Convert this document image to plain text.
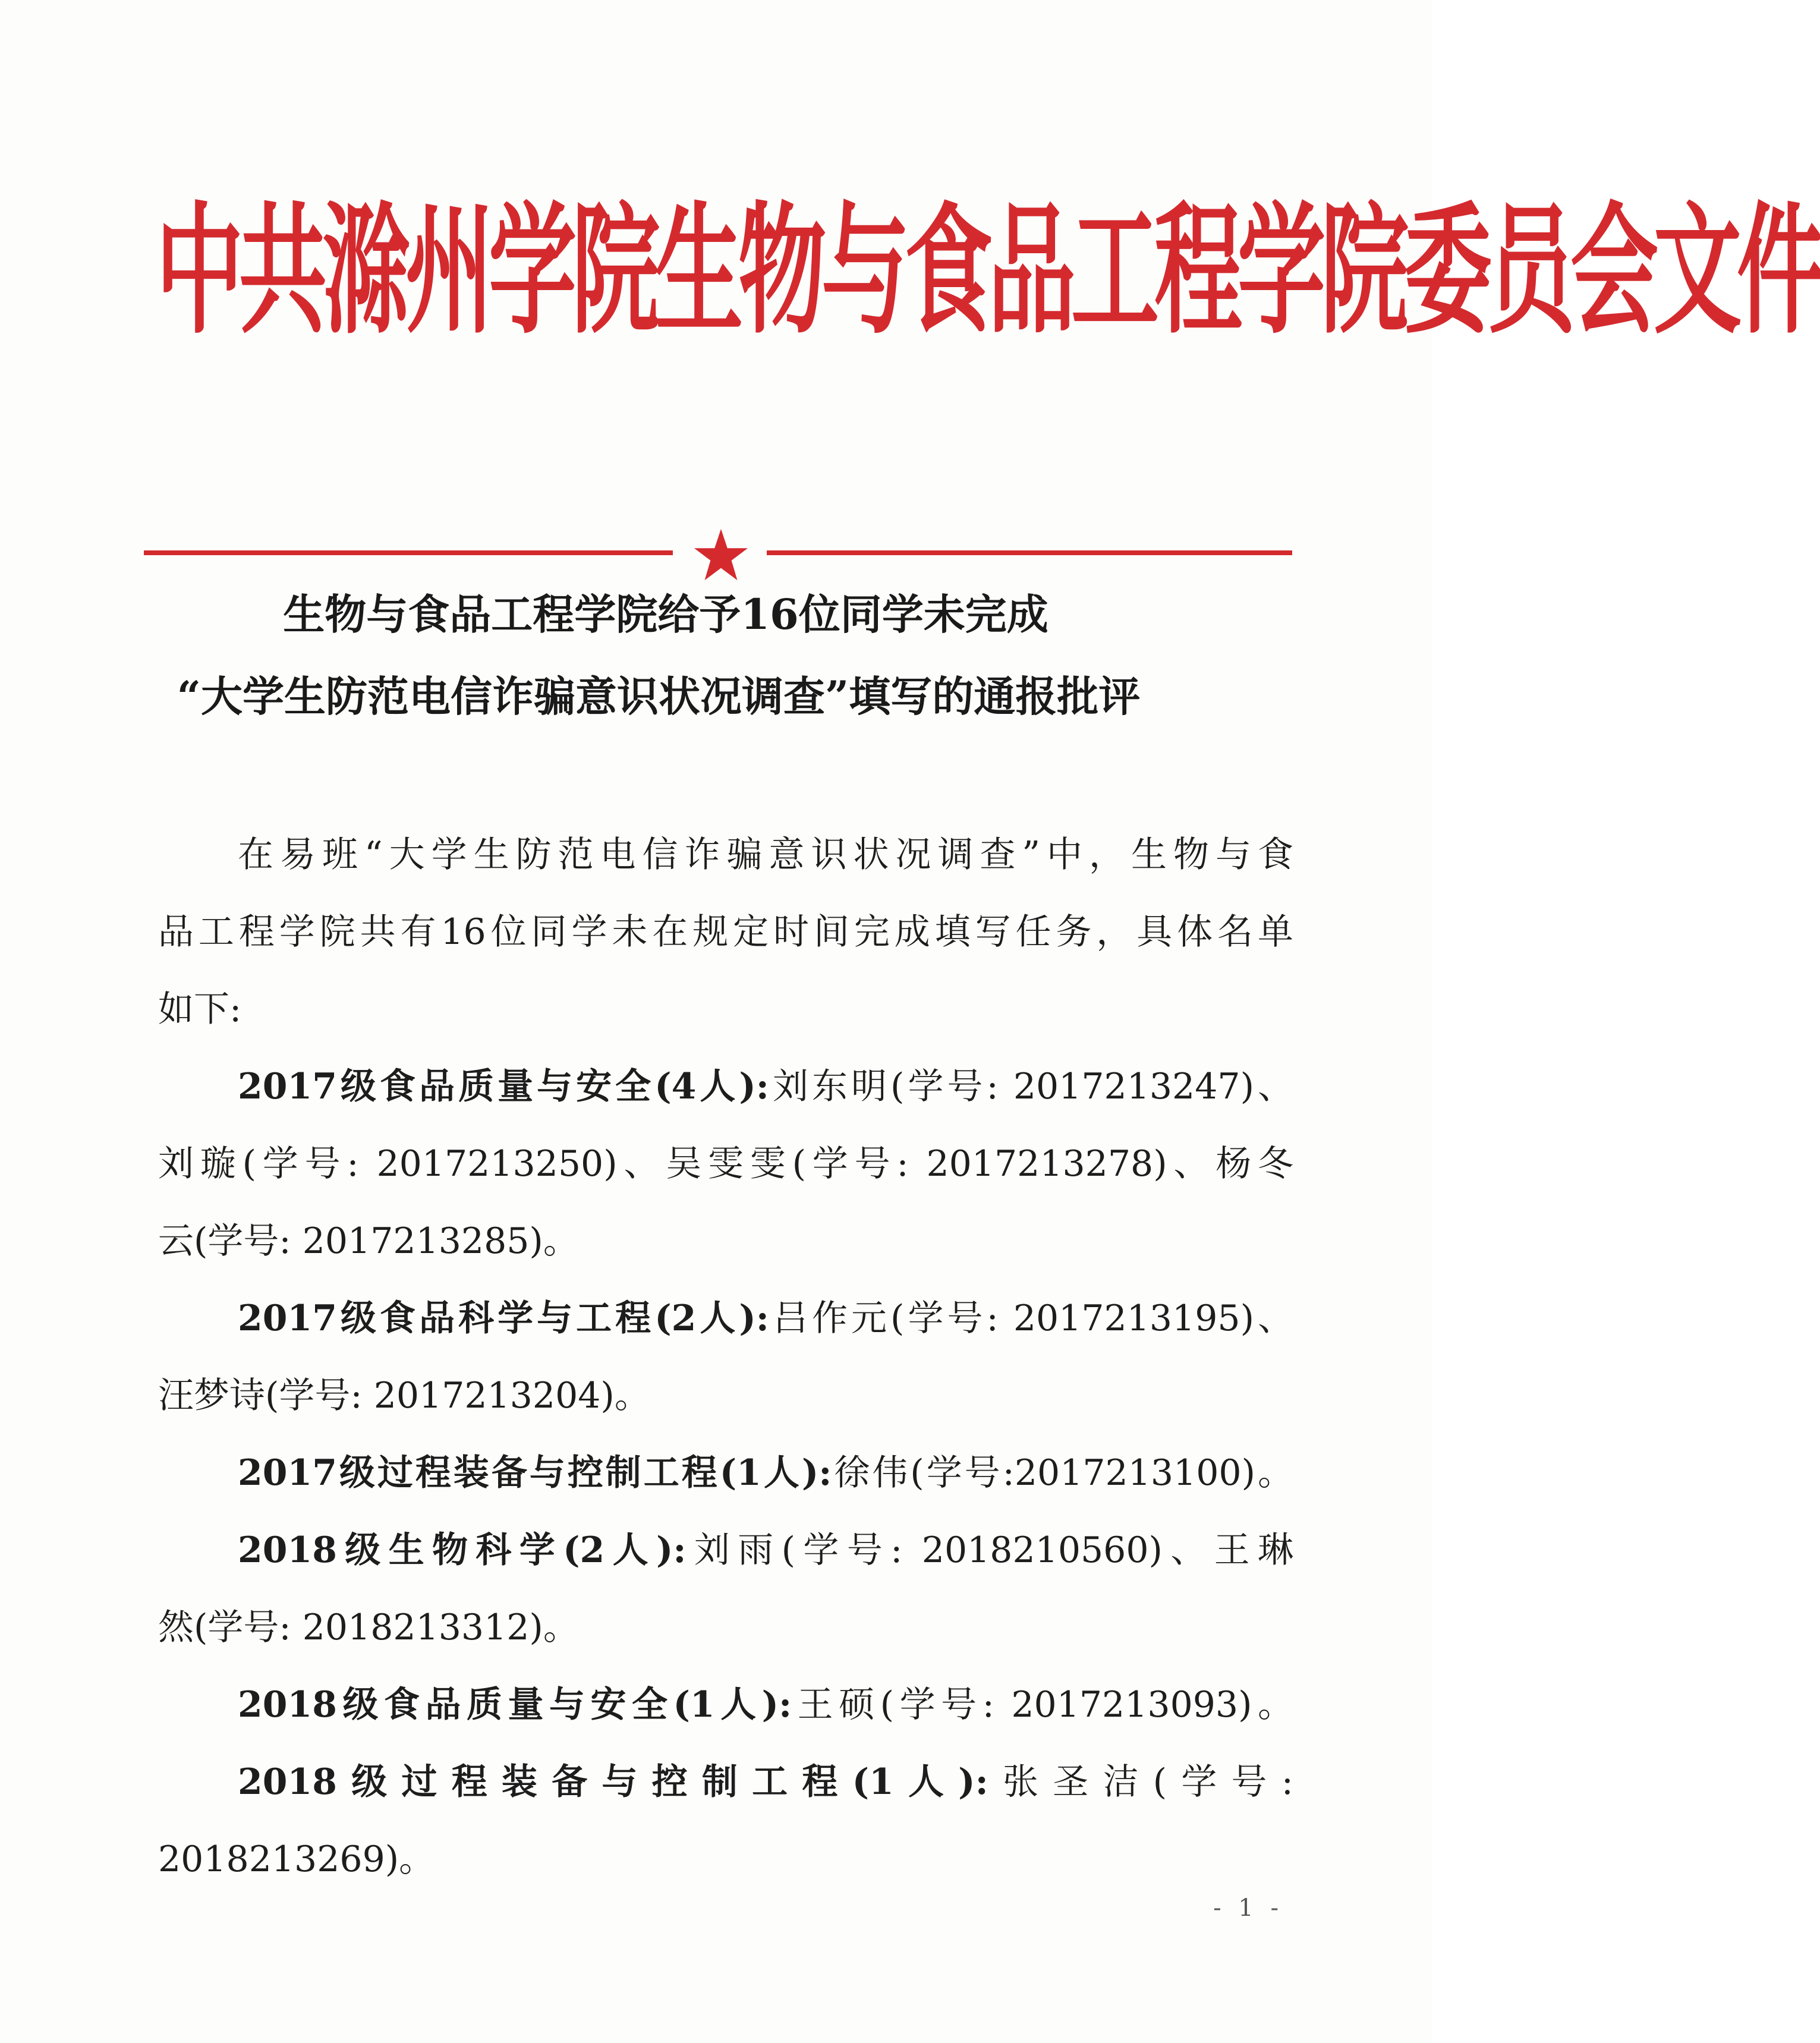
中共滁州学院生物与食品工程学院委员会文件
生物与食品工程学院给予16位同学未完成
“大学生防范电信诈骗意识状况调查”填写的通报批评
在易班“大学生防范电信诈骗意识状况调查”中，生物与食
品工程学院共有16位同学未在规定时间完成填写任务，具体名单
如下:
2017级食品质量与安全(4人):刘东明(学号: 2017213247)、
刘璇(学号: 2017213250)、吴雯雯(学号: 2017213278)、杨冬
云(学号: 2017213285)。
2017级食品科学与工程(2人):吕作元(学号: 2017213195)、
汪梦诗(学号: 2017213204)。
2017级过程装备与控制工程(1人):徐伟(学号:2017213100)。
2018级生物科学(2人):刘雨(学号: 2018210560)、王琳
然(学号: 2018213312)。
2018级食品质量与安全(1人):王硕(学号: 2017213093)。
2018级过程装备与控制工程(1人):张圣洁(学号:
2018213269)。
- 1 -
